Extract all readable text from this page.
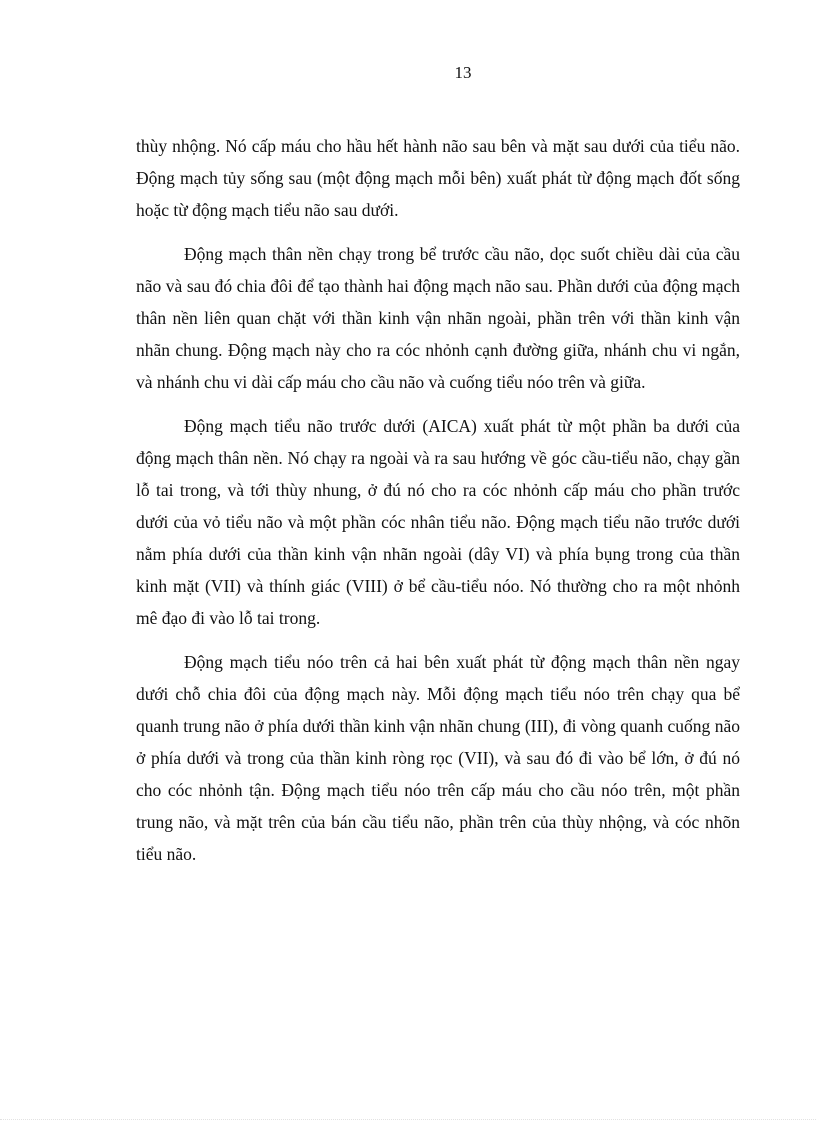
13

thùy nhộng. Nó cấp máu cho hầu hết hành não sau bên và mặt sau dưới của tiểu não. Động mạch tủy sống sau (một động mạch mỗi bên) xuất phát từ động mạch đốt sống hoặc từ động mạch tiểu não sau dưới.

Động mạch thân nền chạy trong bể trước cầu não, dọc suốt chiều dài của cầu não và sau đó chia đôi để tạo thành hai động mạch não sau. Phần dưới của động mạch thân nền liên quan chặt với thần kinh vận nhãn ngoài, phần trên với thần kinh vận nhãn chung. Động mạch này cho ra cóc nhỏnh cạnh đường giữa, nhánh chu vi ngắn, và nhánh chu vi dài cấp máu cho cầu não và cuống tiểu nóo trên và giữa.

Động mạch tiểu não trước dưới (AICA) xuất phát từ một phần ba dưới của động mạch thân nền. Nó chạy ra ngoài và ra sau hướng về góc cầu-tiểu não, chạy gần lỗ tai trong, và tới thùy nhung, ở đú nó cho ra cóc nhỏnh cấp máu cho phần trước dưới của vỏ tiểu não và một phần cóc nhân tiểu não. Động mạch tiểu não trước dưới nằm phía dưới của thần kinh vận nhãn ngoài (dây VI) và phía bụng trong của thần kinh mặt (VII) và thính giác (VIII) ở bể cầu-tiểu nóo. Nó thường cho ra một nhỏnh mê đạo đi vào lỗ tai trong.

Động mạch tiểu nóo trên cả hai bên xuất phát từ động mạch thân nền ngay dưới chỗ chia đôi của động mạch này. Mỗi động mạch tiểu nóo trên chạy qua bể quanh trung não ở phía dưới thần kinh vận nhãn chung (III), đi vòng quanh cuống não ở phía dưới và trong của thần kinh ròng rọc (VII), và sau đó đi vào bể lớn, ở đú nó cho cóc nhỏnh tận. Động mạch tiểu nóo trên cấp máu cho cầu nóo trên, một phần trung não, và mặt trên của bán cầu tiểu não, phần trên của thùy nhộng, và cóc nhõn tiểu não.
